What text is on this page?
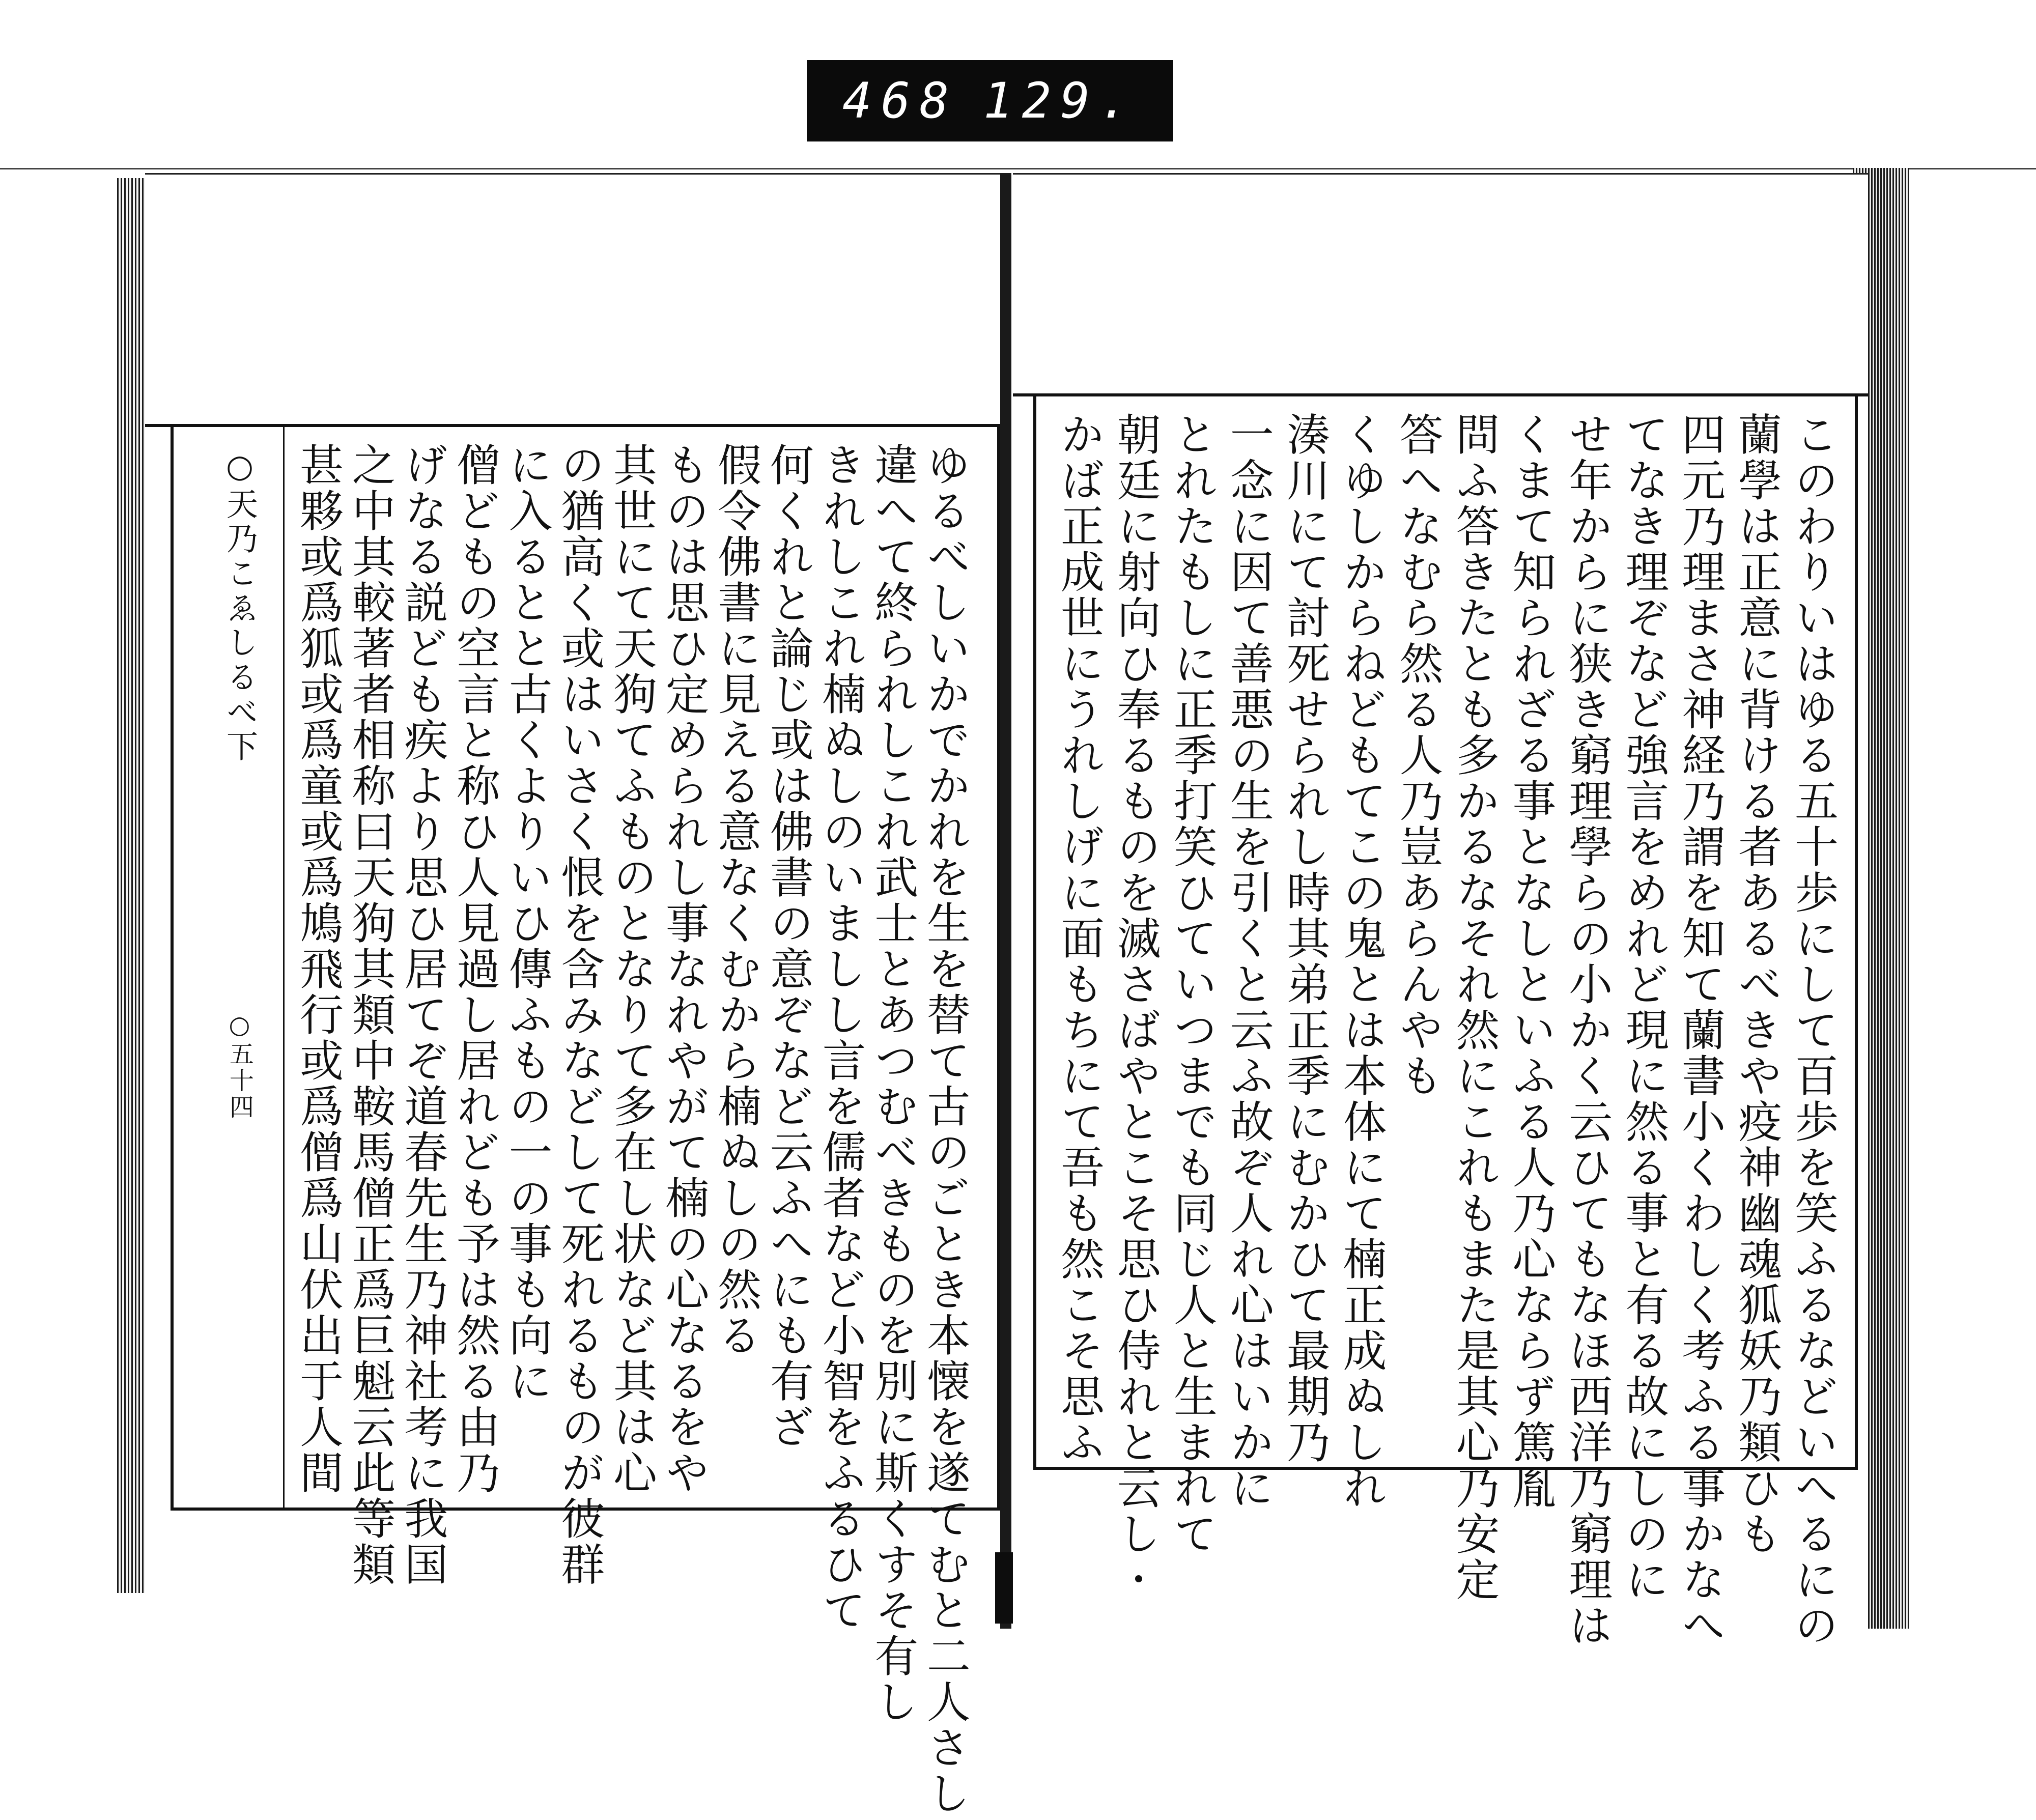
468 129.
○天乃こゑしるべ下
○五十四	ゆるべしいかでかれを生を替て古のごとき本懐を遂てむと二人さし
違へて終られしこれ武士とあつむべきものを別に斯くすそ有し
きれしこれ楠ぬしのいましし言を儒者など小智をふるひて
何くれと論じ或は佛書の意ぞなど云ふへにも有ざ
假令佛書に見える意なくむから楠ぬしの然る
ものは思ひ定められし事なれやがて楠の心なるをや
其世にて天狗てふものとなりて多在し状など其は心
の猶高く或はいさく恨を含みなどして死れるものが彼群
に入るとと古くよりいひ傳ふもの一の事も向に
僧どもの空言と称ひ人見過し居れども予は然る由乃
げなる説ども疾より思ひ居てぞ道春先生乃神社考に我国
之中其較著者相称曰天狗其類中鞍馬僧正爲巨魁云此等類
甚夥或爲狐或爲童或爲鳩飛行或爲僧爲山伏出于人間	このわりいはゆる五十歩にして百歩を笑ふるなどいへるにの
蘭學は正意に背ける者あるべきや疫神幽魂狐妖乃類ひも
四元乃理まさ神経乃謂を知て蘭書小くわしく考ふる事かなへ
てなき理ぞなど強言をめれど現に然る事と有る故にしのに
せ年からに狭き窮理學らの小かく云ひてもなほ西洋乃窮理は
くまて知られざる事となしといふる人乃心ならず篤胤
問ふ答きたとも多かるなそれ然にこれもまた是其心乃安定
答へなむら然る人乃豈あらんやも
くゆしからねどもてこの鬼とは本体にて楠正成ぬしれ
湊川にて討死せられし時其弟正季にむかひて最期乃
一念に因て善悪の生を引くと云ふ故ぞ人れ心はいかに
とれたもしに正季打笑ひていつまでも同じ人と生まれて
朝廷に射向ひ奉るものを滅さばやとこそ思ひ侍れと云し
かば正成世にうれしげに面もちにて吾も然こそ思ふ
